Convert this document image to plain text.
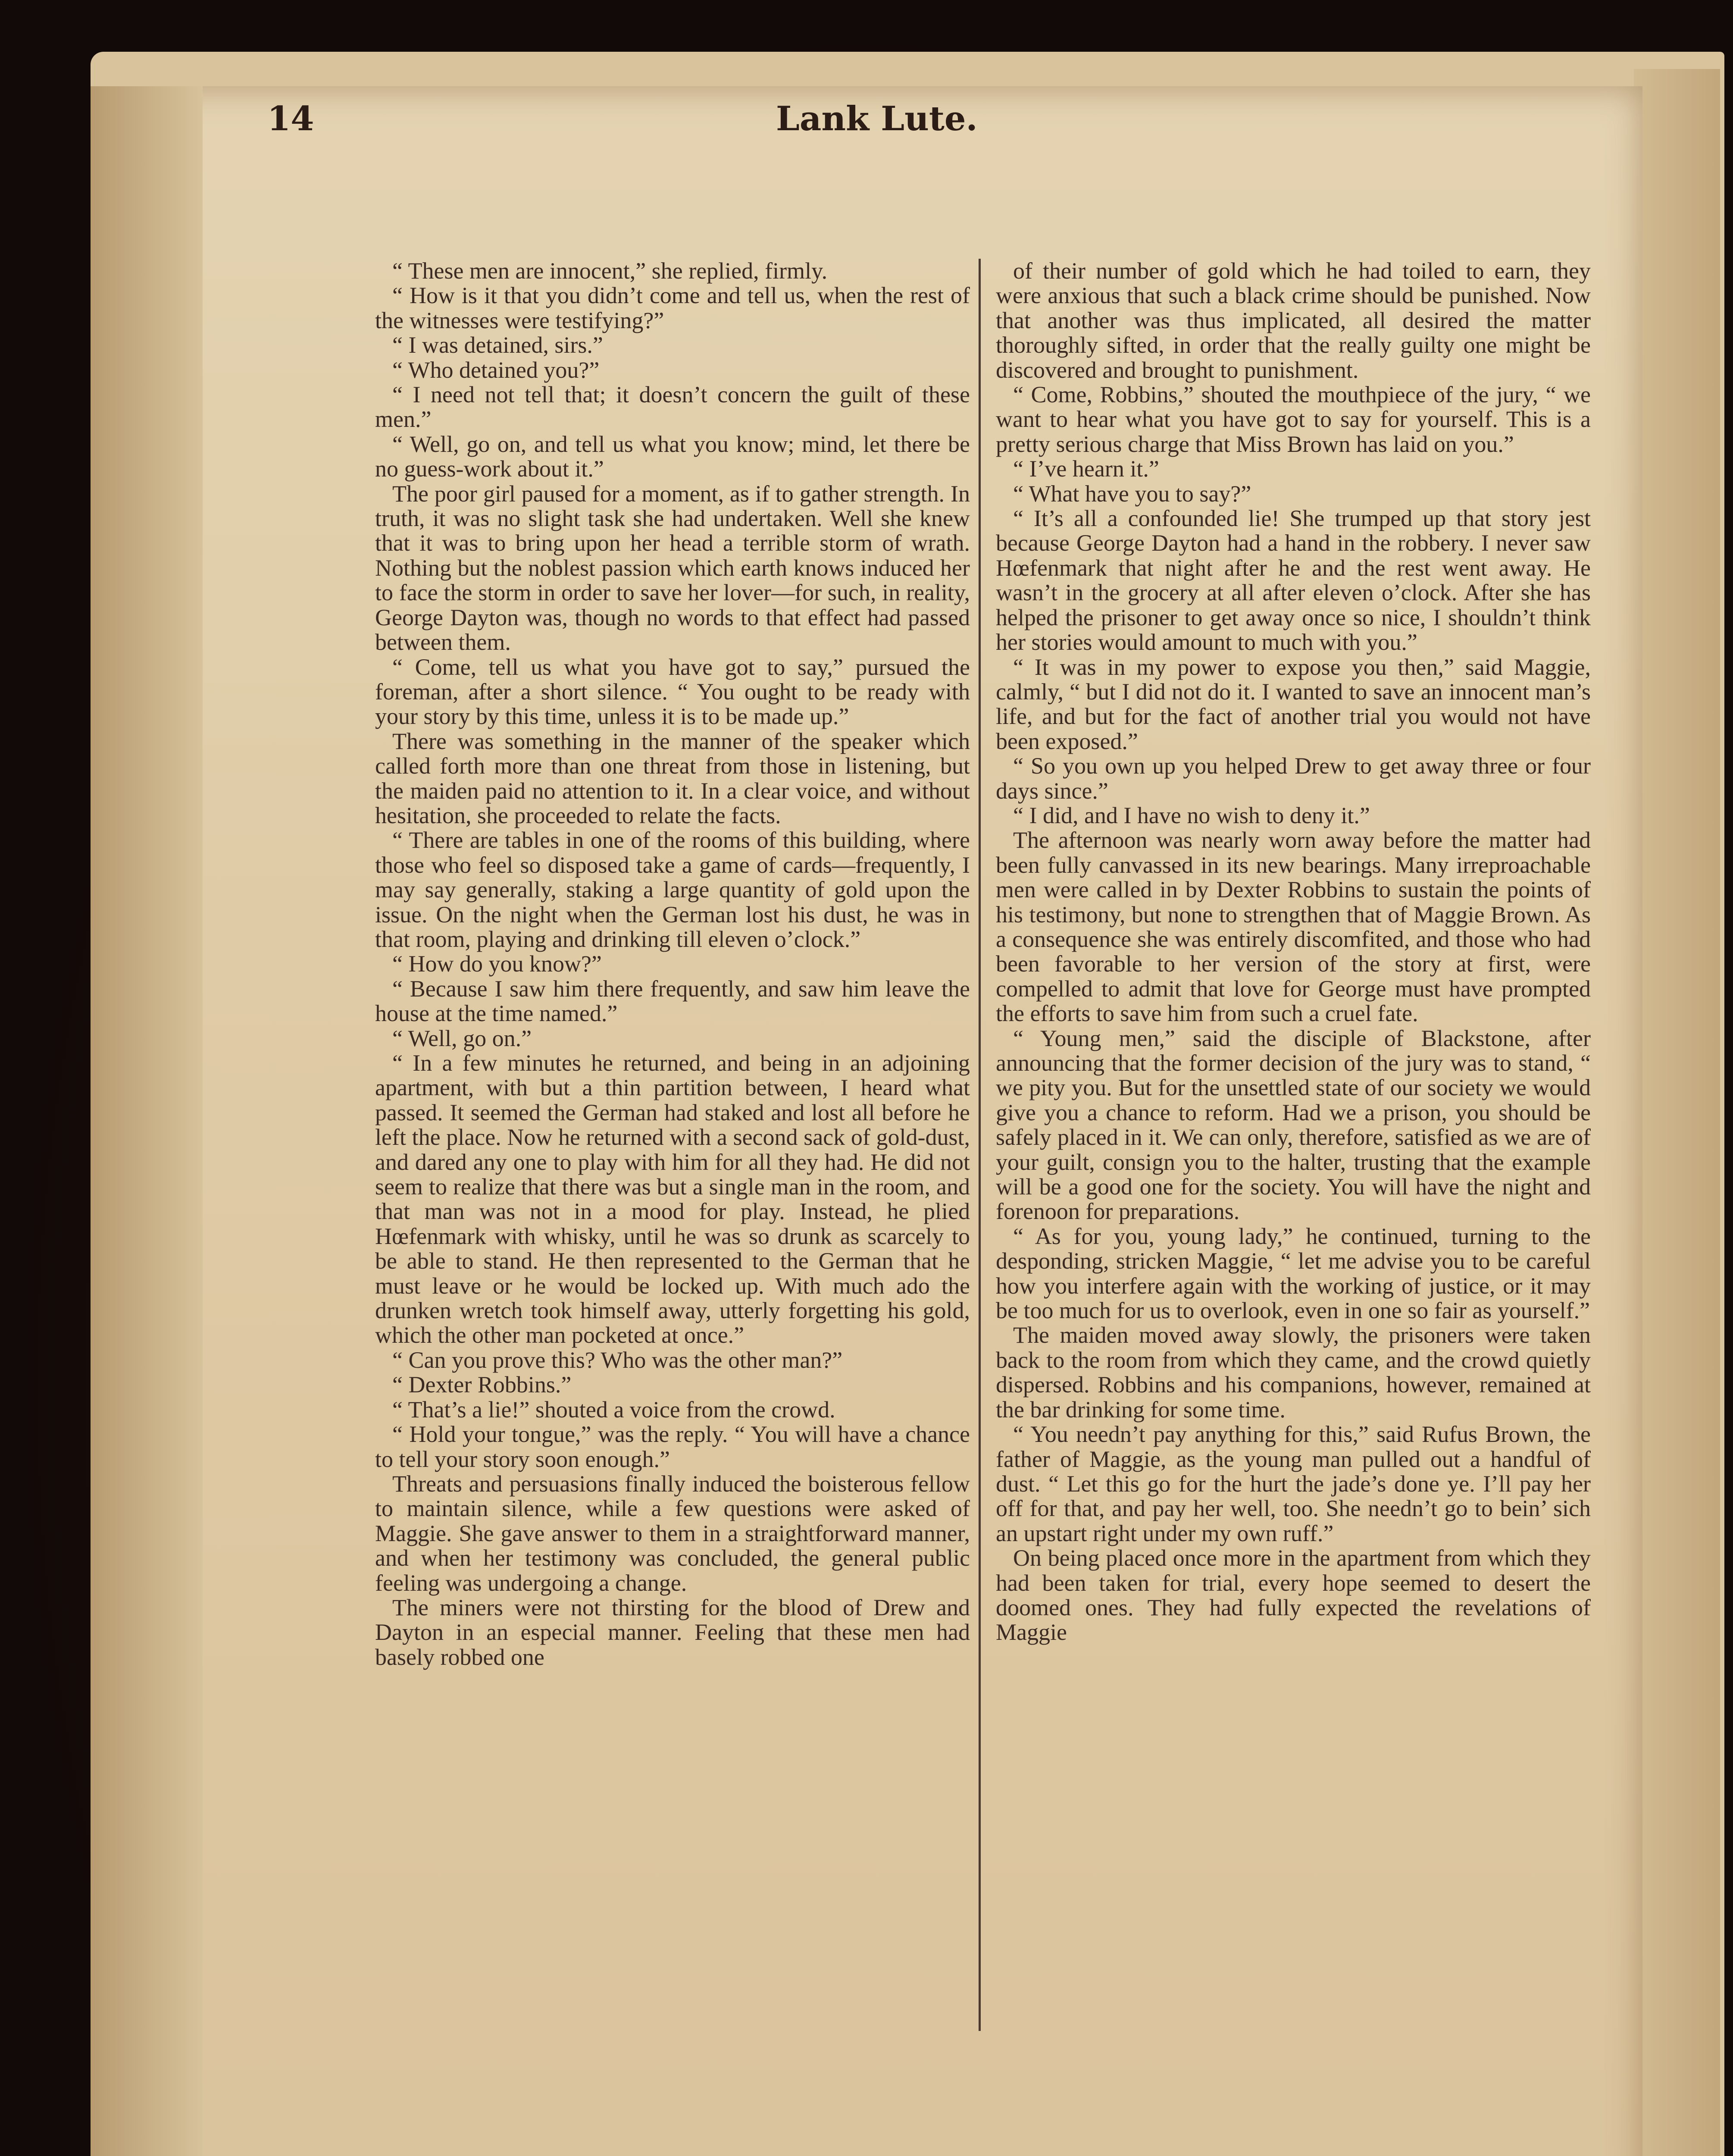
14	Lank Lute.

“ These men are innocent,” she replied, firmly.

“ How is it that you didn’t come and tell us, when the rest of the witnesses were testifying?”

“ I was detained, sirs.”

“ Who detained you?”

“ I need not tell that; it doesn’t concern the guilt of these men.”

“ Well, go on, and tell us what you know; mind, let there be no guess-work about it.”

The poor girl paused for a moment, as if to gather strength. In truth, it was no slight task she had undertaken. Well she knew that it was to bring upon her head a terrible storm of wrath. Nothing but the noblest passion which earth knows induced her to face the storm in order to save her lover—for such, in reality, George Dayton was, though no words to that effect had passed between them.

“ Come, tell us what you have got to say,” pursued the foreman, after a short silence. “ You ought to be ready with your story by this time, unless it is to be made up.”

There was something in the manner of the speaker which called forth more than one threat from those in listening, but the maiden paid no attention to it. In a clear voice, and without hesitation, she proceeded to relate the facts.

“ There are tables in one of the rooms of this building, where those who feel so disposed take a game of cards—frequently, I may say generally, staking a large quantity of gold upon the issue. On the night when the German lost his dust, he was in that room, playing and drinking till eleven o’clock.”

“ How do you know?”

“ Because I saw him there frequently, and saw him leave the house at the time named.”

“ Well, go on.”

“ In a few minutes he returned, and being in an adjoining apartment, with but a thin partition between, I heard what passed. It seemed the German had staked and lost all before he left the place. Now he returned with a second sack of gold-dust, and dared any one to play with him for all they had. He did not seem to realize that there was but a single man in the room, and that man was not in a mood for play. Instead, he plied Hœfenmark with whisky, until he was so drunk as scarcely to be able to stand. He then represented to the German that he must leave or he would be locked up. With much ado the drunken wretch took himself away, utterly forgetting his gold, which the other man pocketed at once.”

“ Can you prove this? Who was the other man?”

“ Dexter Robbins.”

“ That’s a lie!” shouted a voice from the crowd.

“ Hold your tongue,” was the reply. “ You will have a chance to tell your story soon enough.”

Threats and persuasions finally induced the boisterous fellow to maintain silence, while a few questions were asked of Maggie. She gave answer to them in a straightforward manner, and when her testimony was concluded, the general public feeling was undergoing a change.

The miners were not thirsting for the blood of Drew and Dayton in an especial manner. Feeling that these men had basely robbed one

of their number of gold which he had toiled to earn, they were anxious that such a black crime should be punished. Now that another was thus implicated, all desired the matter thoroughly sifted, in order that the really guilty one might be discovered and brought to punishment.

“ Come, Robbins,” shouted the mouthpiece of the jury, “ we want to hear what you have got to say for yourself. This is a pretty serious charge that Miss Brown has laid on you.”

“ I’ve hearn it.”

“ What have you to say?”

“ It’s all a confounded lie! She trumped up that story jest because George Dayton had a hand in the robbery. I never saw Hœfenmark that night after he and the rest went away. He wasn’t in the grocery at all after eleven o’clock. After she has helped the prisoner to get away once so nice, I shouldn’t think her stories would amount to much with you.”

“ It was in my power to expose you then,” said Maggie, calmly, “ but I did not do it. I wanted to save an innocent man’s life, and but for the fact of another trial you would not have been exposed.”

“ So you own up you helped Drew to get away three or four days since.”

“ I did, and I have no wish to deny it.”

The afternoon was nearly worn away before the matter had been fully canvassed in its new bearings. Many irreproachable men were called in by Dexter Robbins to sustain the points of his testimony, but none to strengthen that of Maggie Brown. As a consequence she was entirely discomfited, and those who had been favorable to her version of the story at first, were compelled to admit that love for George must have prompted the efforts to save him from such a cruel fate.

“ Young men,” said the disciple of Blackstone, after announcing that the former decision of the jury was to stand, “ we pity you. But for the unsettled state of our society we would give you a chance to reform. Had we a prison, you should be safely placed in it. We can only, therefore, satisfied as we are of your guilt, consign you to the halter, trusting that the example will be a good one for the society. You will have the night and forenoon for preparations.

“ As for you, young lady,” he continued, turning to the desponding, stricken Maggie, “ let me advise you to be careful how you interfere again with the working of justice, or it may be too much for us to overlook, even in one so fair as yourself.”

The maiden moved away slowly, the prisoners were taken back to the room from which they came, and the crowd quietly dispersed. Robbins and his companions, however, remained at the bar drinking for some time.

“ You needn’t pay anything for this,” said Rufus Brown, the father of Maggie, as the young man pulled out a handful of dust. “ Let this go for the hurt the jade’s done ye. I’ll pay her off for that, and pay her well, too. She needn’t go to bein’ sich an upstart right under my own ruff.”

On being placed once more in the apartment from which they had been taken for trial, every hope seemed to desert the doomed ones. They had fully expected the revelations of Maggie
